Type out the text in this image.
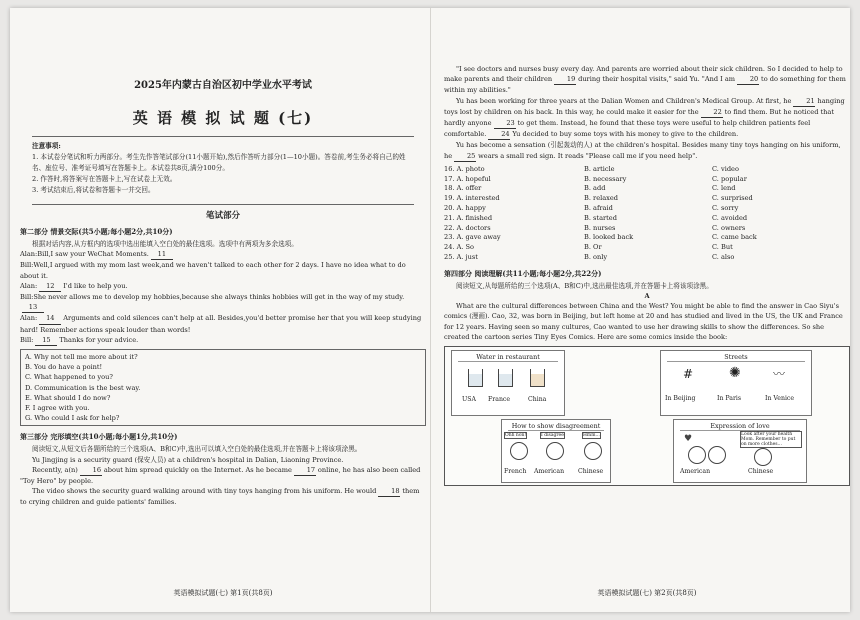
2025年内蒙古自治区初中学业水平考试
英 语 模 拟 试 题 (七)
注意事项:
1. 本试卷分笔试和听力两部分。考生先作答笔试部分(11小题开始),然后作答听力部分(1—10小题)。答卷前,考生务必将自己的姓名、座位号、准考证号填写在答题卡上。本试卷共8页,满分100分。
2. 作答时,将答案写在答题卡上,写在试卷上无效。
3. 考试结束后,将试卷和答题卡一并交回。
笔试部分
第二部分 情景交际(共5小题;每小题2分,共10分)

根据对话内容,从方框内的选项中选出能填入空白处的最佳选项。选项中有两项为多余选项。

Alan:Bill,I saw your WeChat Moments. 11

Bill:Well,I argued with my mom last week,and we haven't talked to each other for 2 days. I have no idea what to do about it.

Alan: 12 I'd like to help you.

Bill:She never allows me to develop my hobbies,because she always thinks hobbies will get in the way of my study.13

Alan: 14 Arguments and cold silences can't help at all. Besides,you'd better promise her that you will keep studying hard! Remember actions speak louder than words!

Bill: 15 Thanks for your advice.

A. Why not tell me more about it?
B. You do have a point!
C. What happened to you?
D. Communication is the best way.
E. What should I do now?
F. I agree with you.
G. Who could I ask for help?
第三部分 完形填空(共10小题;每小题1分,共10分)

阅读短文,从短文后各题所给的三个选项(A、B和C)中,选出可以填入空白处的最佳选项,并在答题卡上将该项涂黑。

Yu Jingjing is a security guard (保安人员) at a children's hospital in Dalian, Liaoning Province.

Recently, a(n) 16 about him spread quickly on the Internet. As he became 17 online, he has also been called "Toy Hero" by people.

The video shows the security guard walking around with tiny toys hanging from his uniform. He would 18 them to crying children and guide patients' families.

英语模拟试题(七) 第1页(共8页)

"I see doctors and nurses busy every day. And parents are worried about their sick children. So I decided to help to make parents and their children 19 during their hospital visits," said Yu. "And I am 20 to do something for them within my abilities."

Yu has been working for three years at the Dalian Women and Children's Medical Group. At first, he 21 hanging toys lost by children on his back. In this way, he could make it easier for the 22 to find them. But he noticed that hardly anyone 23 to get them. Instead, he found that these toys were useful to help children patients feel comfortable. 24 Yu decided to buy some toys with his money to give to the children.

Yu has become a sensation (引起轰动的人) at the children's hospital. Besides many tiny toys hanging on his uniform, he 25 wears a small red sign. It reads "Please call me if you need help".

16. A. photo	B. article	C. video
17. A. hopeful	B. necessary	C. popular
18. A. offer	B. add	C. lend
19. A. interested	B. relaxed	C. surprised
20. A. happy	B. afraid	C. sorry
21. A. finished	B. started	C. avoided
22. A. doctors	B. nurses	C. owners
23. A. gave away	B. looked back	C. came back
24. A. So	B. Or	C. But
25. A. just	B. only	C. also
第四部分 阅读理解(共11小题;每小题2分,共22分)

阅读短文,从每题所给的三个选项(A、B和C)中,选出最佳选项,并在答题卡上将该项涂黑。

A

What are the cultural differences between China and the West? You might be able to find the answer in Cao Siyu's comics (漫画). Cao, 32, was born in Beijing, but left home at 20 and has studied and lived in the US, the UK and France for 12 years. Having seen so many cultures, Cao wanted to use her drawing skills to show the differences. So she created the cartoon series Tiny Eyes Comics. Here are some comics inside the book:

Water in restaurant
USA France	China
Streets
#	✺	〰
In Beijing	In Paris	In Venice
How to show disagreement
Ohh non!	I disagree	Hmm...
French American Chinese
Expression of love
♥	Look after your health Mom. Remember to put on more clothes...
American	Chinese
英语模拟试题(七) 第2页(共8页)
